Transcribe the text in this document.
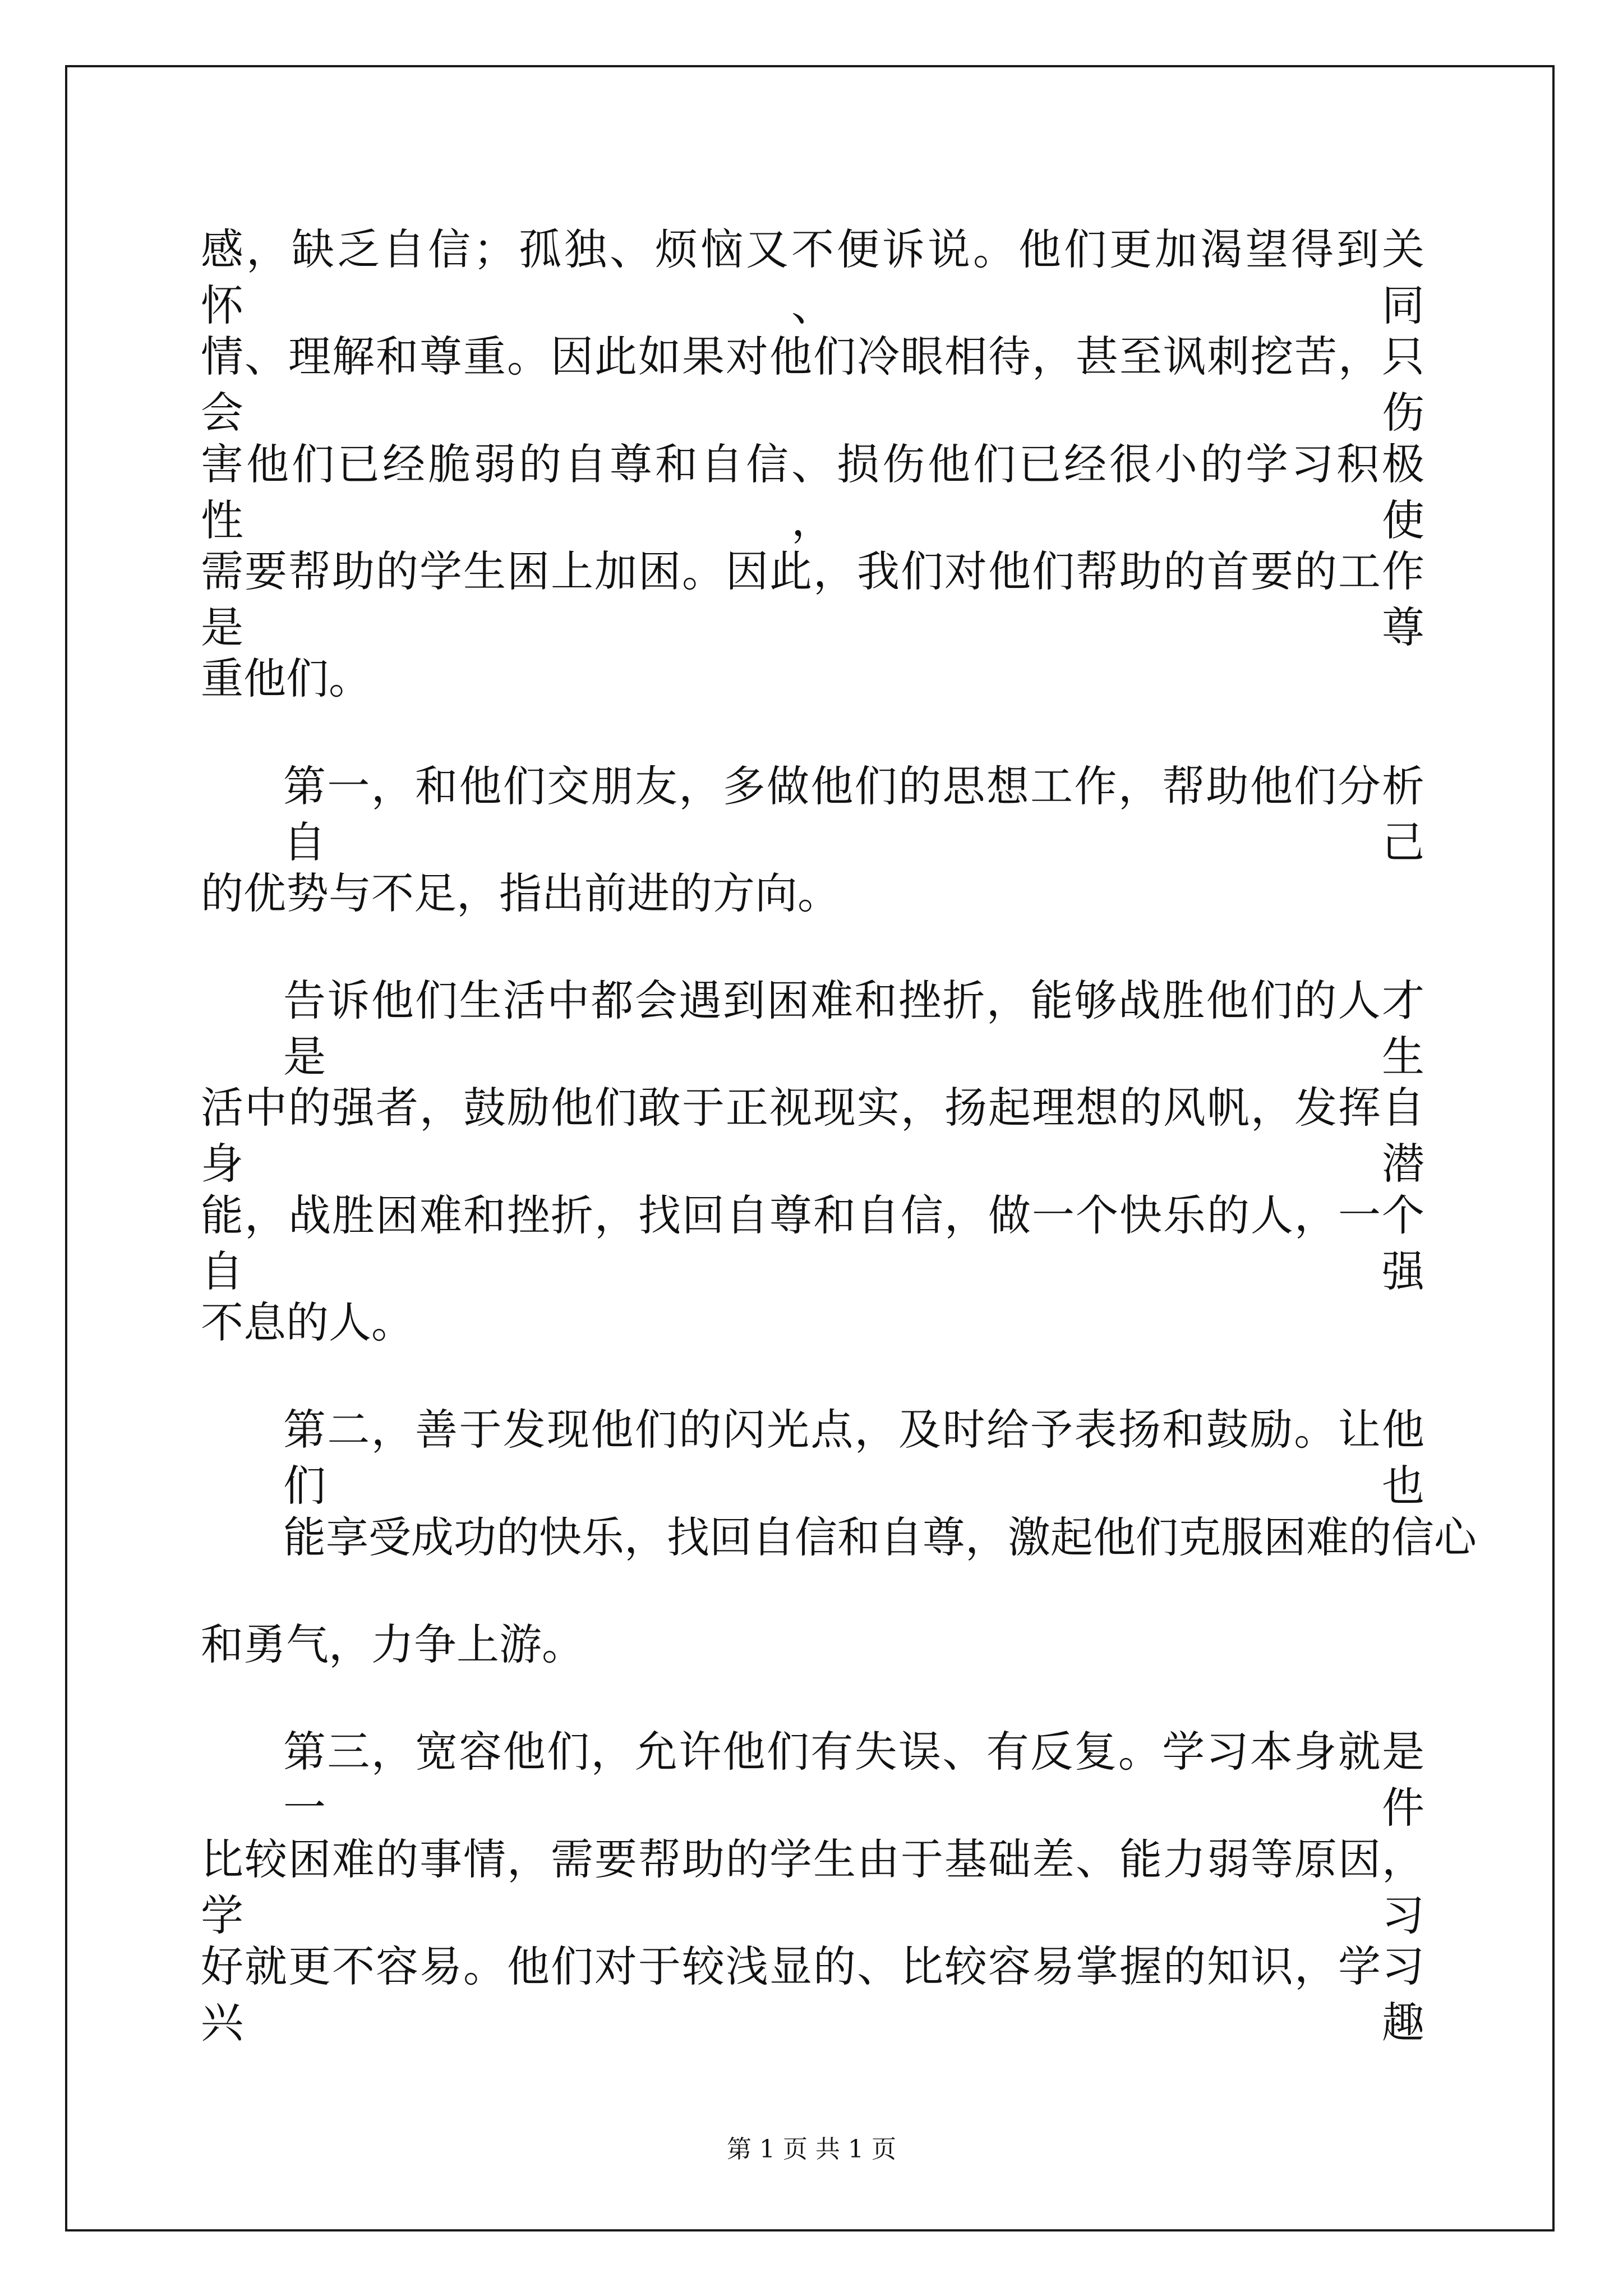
感，缺乏自信；孤独、烦恼又不便诉说。他们更加渴望得到关怀、同
情、理解和尊重。因此如果对他们冷眼相待，甚至讽刺挖苦，只会伤
害他们已经脆弱的自尊和自信、损伤他们已经很小的学习积极性，使
需要帮助的学生困上加困。因此，我们对他们帮助的首要的工作是尊
重他们。
第一，和他们交朋友，多做他们的思想工作，帮助他们分析自己
的优势与不足，指出前进的方向。
告诉他们生活中都会遇到困难和挫折，能够战胜他们的人才是生
活中的强者，鼓励他们敢于正视现实，扬起理想的风帆，发挥自身潜
能，战胜困难和挫折，找回自尊和自信，做一个快乐的人，一个自强
不息的人。
第二，善于发现他们的闪光点，及时给予表扬和鼓励。让他们也
能享受成功的快乐，找回自信和自尊，激起他们克服困难的信心
和勇气，力争上游。
第三，宽容他们，允许他们有失误、有反复。学习本身就是一件
比较困难的事情，需要帮助的学生由于基础差、能力弱等原因，学习
好就更不容易。他们对于较浅显的、比较容易掌握的知识，学习兴趣
第 1 页 共 1 页
